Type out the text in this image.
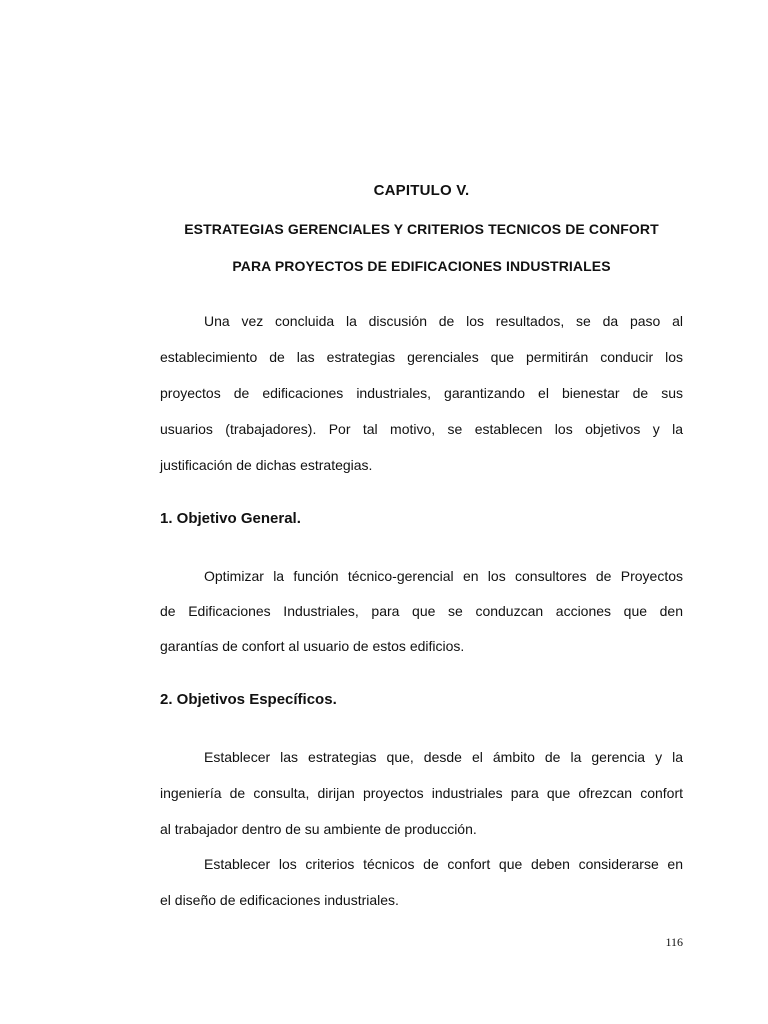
CAPITULO V.

ESTRATEGIAS GERENCIALES Y CRITERIOS TECNICOS DE CONFORT

PARA PROYECTOS DE EDIFICACIONES INDUSTRIALES

Una vez concluida la discusión de los resultados, se da paso al

establecimiento de las estrategias gerenciales que permitirán conducir los

proyectos de edificaciones industriales, garantizando el bienestar de sus

usuarios (trabajadores). Por tal motivo, se establecen los objetivos y la

justificación de dichas estrategias.

1. Objetivo General.

Optimizar la función técnico-gerencial en los consultores de Proyectos

de Edificaciones Industriales, para que se conduzcan acciones que den

garantías de confort al usuario de estos edificios.

2. Objetivos Específicos.

Establecer las estrategias que, desde el ámbito de la gerencia y la

ingeniería de consulta, dirijan proyectos industriales para que ofrezcan confort

al trabajador dentro de su ambiente de producción.

Establecer los criterios técnicos de confort que deben considerarse en

el diseño de edificaciones industriales.

116
